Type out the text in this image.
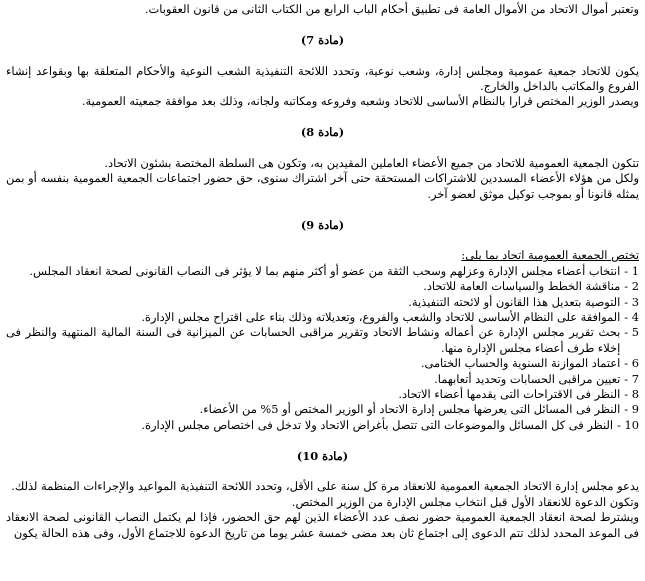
وتعتبر أموال الاتحاد من الأموال العامة فى تطبيق أحكام الباب الرابع من الكتاب الثانى من قانون العقوبات.

(مادة 7)

يكون للاتحاد جمعية عمومية ومجلس إدارة، وشعب نوعية، وتحدد اللائحة التنفيذية الشعب النوعية والأحكام المتعلقة بها وبقواعد إنشاء الفروع والمكاتب بالداخل والخارج.

ويصدر الوزير المختص قرارا بالنظام الأساسى للاتحاد وشعبه وفروعه ومكاتبه ولجانه، وذلك بعد موافقة جمعيته العمومية.

(مادة 8)

تتكون الجمعية العمومية للاتحاد من جميع الأعضاء العاملين المقيدين به، وتكون هى السلطة المختصة بشئون الاتحاد.

ولكل من هؤلاء الأعضاء المسددين للاشتراكات المستحقة حتى آخر اشتراك سنوى، حق حضور اجتماعات الجمعية العمومية بنفسه أو بمن يمثله قانونا أو بموجب توكيل موثق لعضو آخر.

(مادة 9)

تختص الجمعية العمومية اتحاد بما يلى:

1 -
انتخاب أعضاء مجلس الإدارة وعزلهم وسحب الثقة من عضو أو أكثر منهم بما لا يؤثر فى النصاب القانونى لصحة انعقاد المجلس.
2 -
مناقشة الخطط والسياسات العامة للاتحاد.
3 -
التوصية بتعديل هذا القانون أو لائحته التنفيذية.
4 -
الموافقة على النظام الأساسى للاتحاد والشعب والفروع، وتعديلاته وذلك بناء على اقتراح مجلس الإدارة.
5 -
بحث تقرير مجلس الإدارة عن أعماله ونشاط الاتحاد وتقرير مراقبى الحسابات عن الميزانية فى السنة المالية المنتهية والنظر فى إخلاء طرف أعضاء مجلس الإدارة منها.
6 -
اعتماد الموازنة السنوية والحساب الختامى.
7 -
تعيين مراقبى الحسابات وتحديد أتعابهما.
8 -
النظر فى الاقتراحات التى يقدمها أعضاء الاتحاد.
9 -
النظر فى المسائل التى يعرضها مجلس إدارة الاتحاد أو الوزير المختص أو 5% من الأعضاء.
10 -
النظر فى كل المسائل والموضوعات التى تتصل بأغراض الاتحاد ولا تدخل فى اختصاص مجلس الإدارة.

(مادة 10)

يدعو مجلس إدارة الاتحاد الجمعية العمومية للانعقاد مرة كل سنة على الأقل، وتحدد اللائحة التنفيذية المواعيد والإجراءات المنظمة لذلك.

وتكون الدعوة للانعقاد الأول قبل انتخاب مجلس الإدارة من الوزير المختص.

ويشترط لصحة انعقاد الجمعية العمومية حضور نصف عدد الأعضاء الذين لهم حق الحضور، فإذا لم يكتمل النصاب القانونى لصحة الانعقاد فى الموعد المحدد لذلك تتم الدعوى إلى اجتماع ثان بعد مضى خمسة عشر يوما من تاريخ الدعوة للاجتماع الأول، وفى هذه الحالة يكون
